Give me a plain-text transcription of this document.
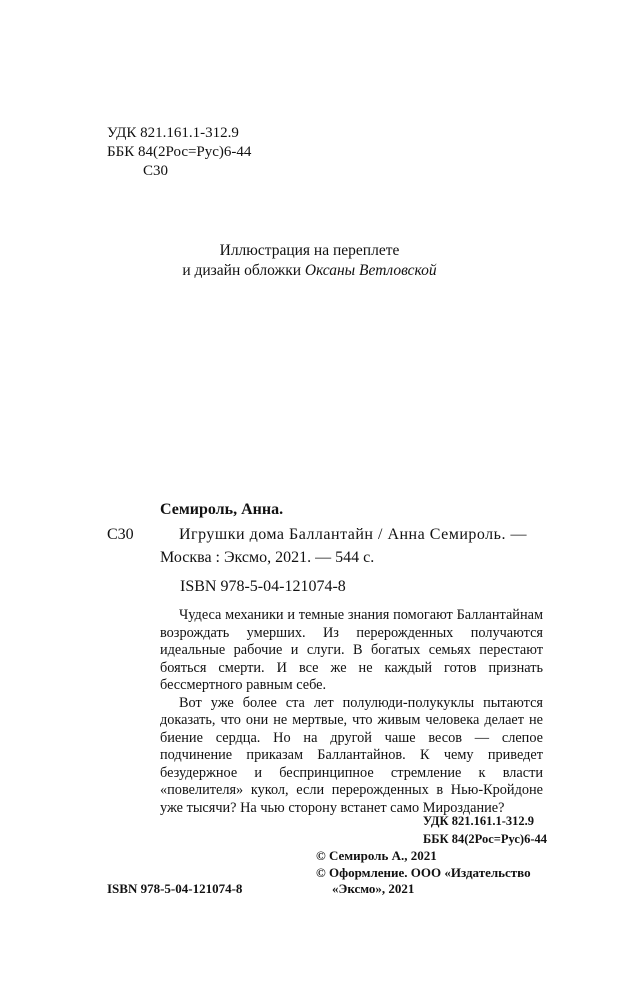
УДК 821.161.1-312.9
ББК 84(2Рос=Рус)6-44
С30
Иллюстрация на переплете
и дизайн обложки Оксаны Ветловской
Семироль, Анна.
С30	Игрушки дома Баллантайн / Анна Семироль. —
Москва : Эксмо, 2021. — 544 с.
ISBN 978-5-04-121074-8

Чудеса механики и темные знания помогают Баллантайнам возрождать умерших. Из перерожденных получаются идеальные рабочие и слуги. В богатых семьях перестают бояться смерти. И все же не каждый готов признать бессмертного равным себе.

Вот уже более ста лет полулюди-полукуклы пытаются доказать, что они не мертвые, что живым человека делает не биение сердца. Но на другой чаше весов — слепое подчинение приказам Баллантайнов. К чему приведет безудержное и беспринципное стремление к власти «повелителя» кукол, если перерожденных в Нью-Кройдоне уже тысячи? На чью сторону встанет само Мироздание?

УДК 821.161.1-312.9
ББК 84(2Рос=Рус)6-44
© Семироль А., 2021
© Оформление. ООО «Издательство
«Эксмо», 2021
ISBN 978-5-04-121074-8
